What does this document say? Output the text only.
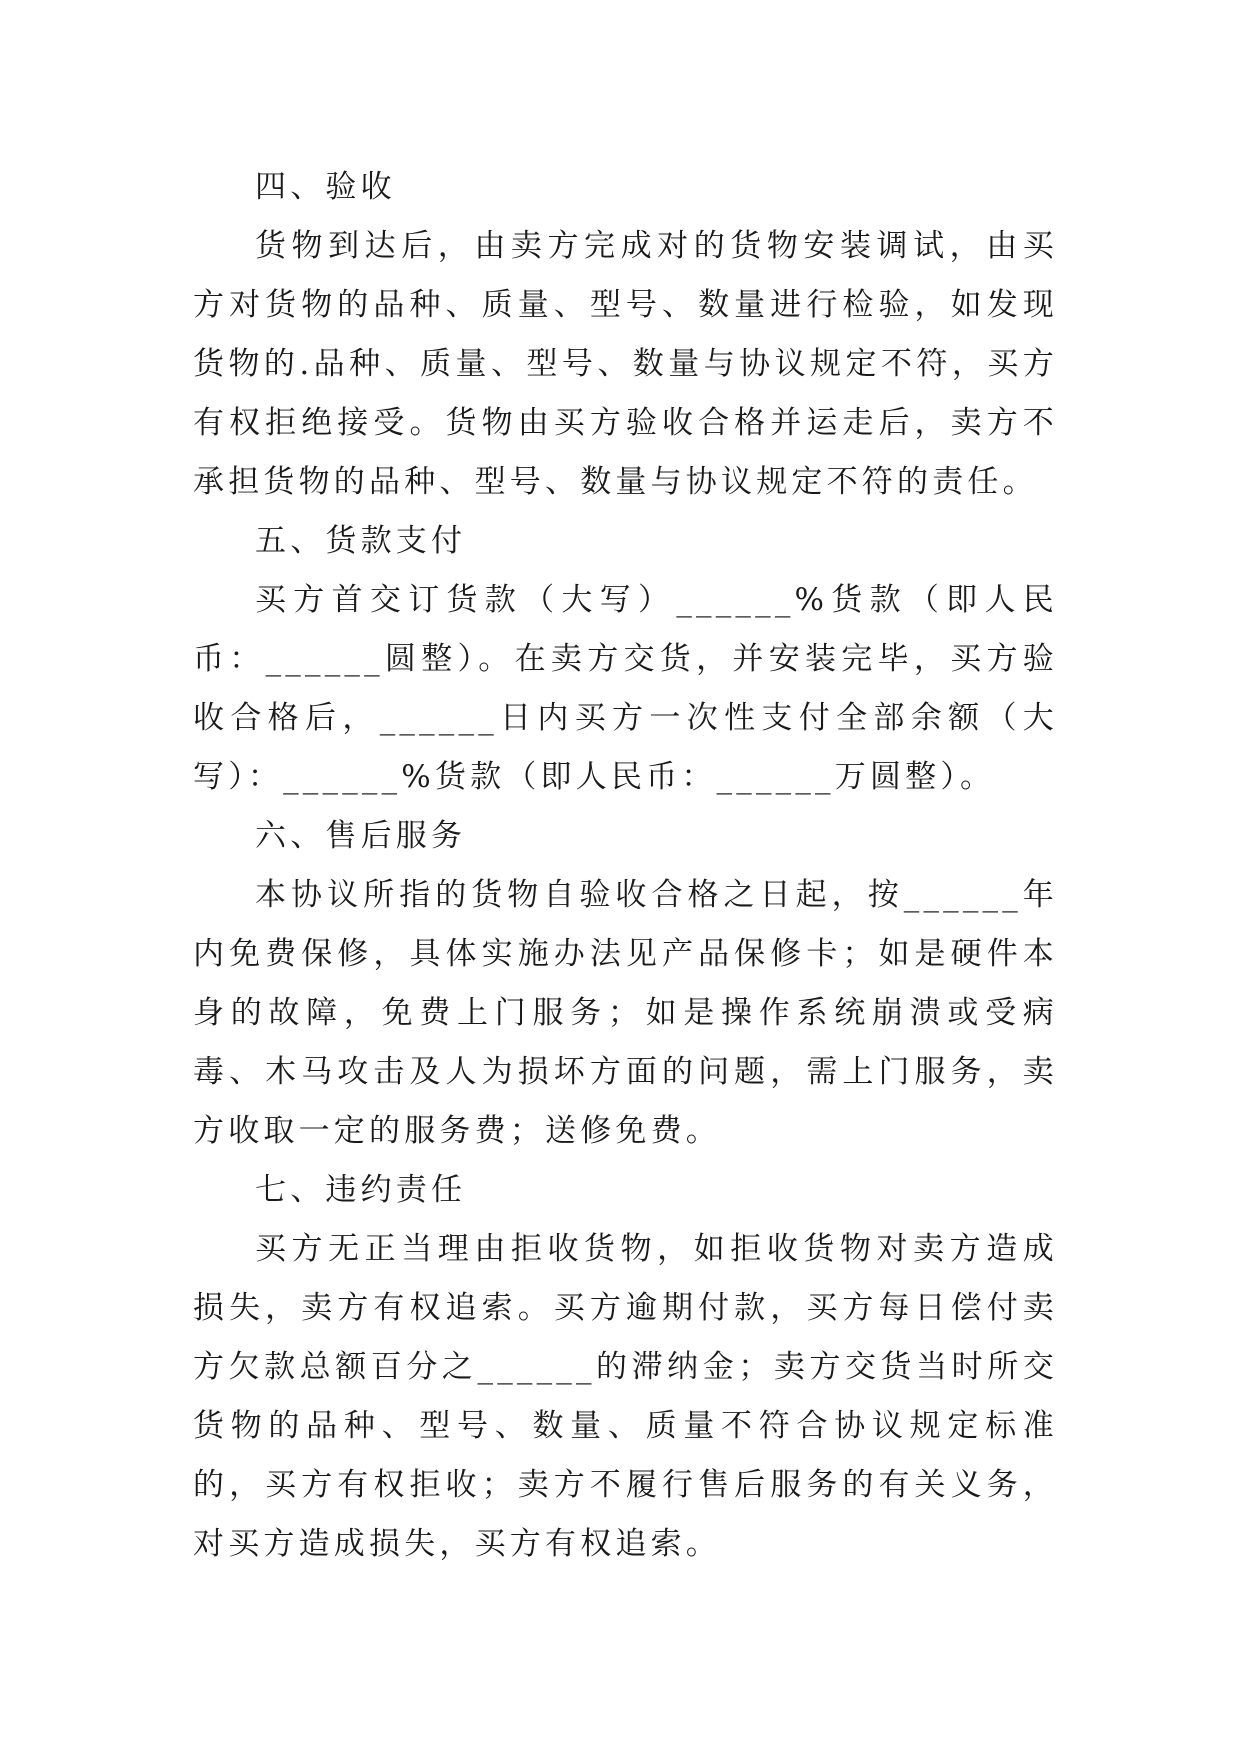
四、验收

货物到达后，由卖方完成对的货物安装调试，由买方对货物的品种、质量、型号、数量进行检验，如发现货物的.品种、质量、型号、数量与协议规定不符，买方有权拒绝接受。货物由买方验收合格并运走后，卖方不承担货物的品种、型号、数量与协议规定不符的责任。

五、货款支付

买方首交订货款（大写）______%货款（即人民币：______圆整）。在卖方交货，并安装完毕，买方验收合格后，______日内买方一次性支付全部余额（大写）：______%货款（即人民币：______万圆整）。

六、售后服务

本协议所指的货物自验收合格之日起，按______年内免费保修，具体实施办法见产品保修卡；如是硬件本身的故障，免费上门服务；如是操作系统崩溃或受病毒、木马攻击及人为损坏方面的问题，需上门服务，卖方收取一定的服务费；送修免费。

七、违约责任

买方无正当理由拒收货物，如拒收货物对卖方造成损失，卖方有权追索。买方逾期付款，买方每日偿付卖方欠款总额百分之______的滞纳金；卖方交货当时所交货物的品种、型号、数量、质量不符合协议规定标准的，买方有权拒收；卖方不履行售后服务的有关义务，对买方造成损失，买方有权追索。
